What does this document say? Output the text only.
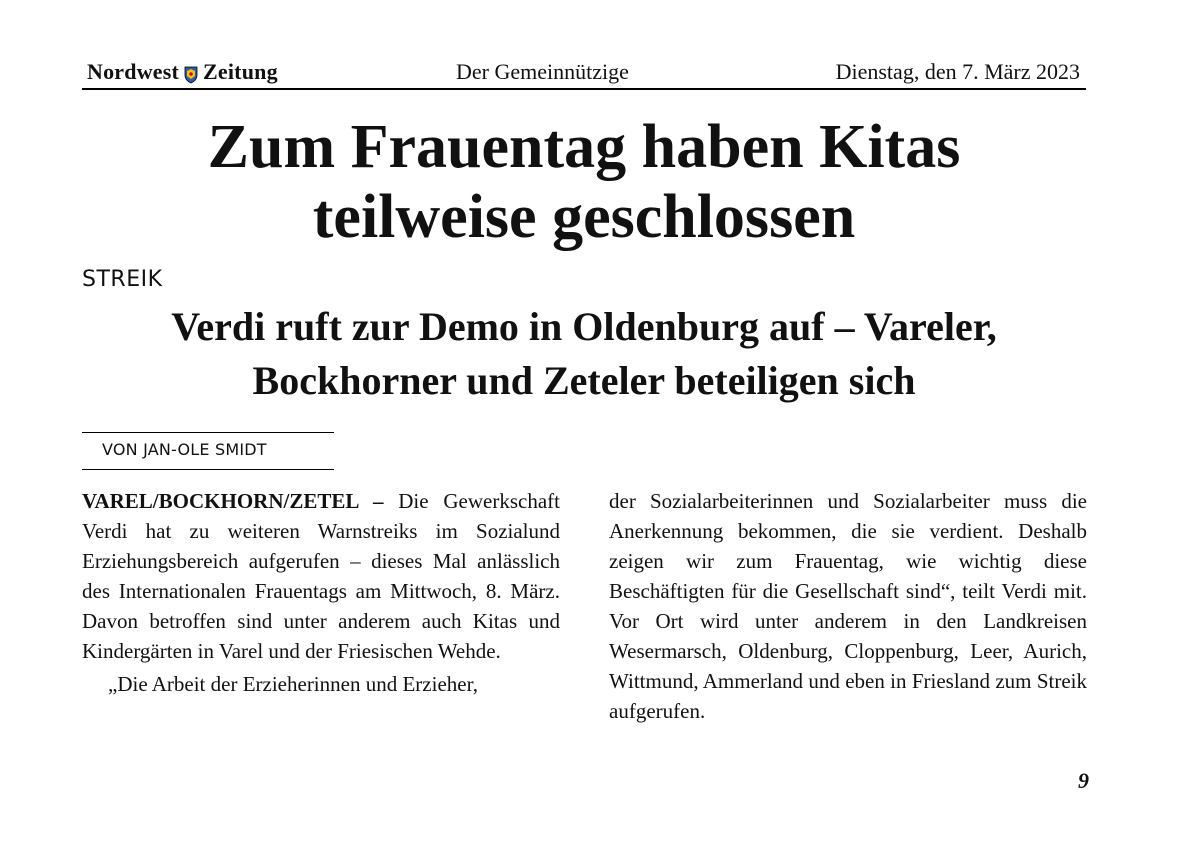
Nordwest Zeitung	Der Gemeinnützige	Dienstag, den 7. März 2023
Zum Frauentag haben Kitas
teilweise geschlossen
STREIK
Verdi ruft zur Demo in Oldenburg auf – Vareler,
Bockhorner und Zeteler beteiligen sich
VON JAN-OLE SMIDT

VAREL/BOCKHORN/ZETEL – Die Gewerkschaft Verdi hat zu weiteren Warnstreiks im Sozialund Erziehungsbereich aufgerufen – dieses Mal anlässlich des Internationalen Frauentags am Mittwoch, 8. März. Davon betroffen sind unter anderem auch Kitas und Kindergärten in Varel und der Friesischen Wehde.

„Die Arbeit der Erzieherinnen und Erzieher,

der Sozialarbeiterinnen und Sozialarbeiter muss die Anerkennung bekommen, die sie verdient. Deshalb zeigen wir zum Frauentag, wie wichtig diese Beschäftigten für die Gesellschaft sind“, teilt Verdi mit. Vor Ort wird unter anderem in den Landkreisen Wesermarsch, Oldenburg, Cloppenburg, Leer, Aurich, Wittmund, Ammerland und eben in Friesland zum Streik aufgerufen.

9
